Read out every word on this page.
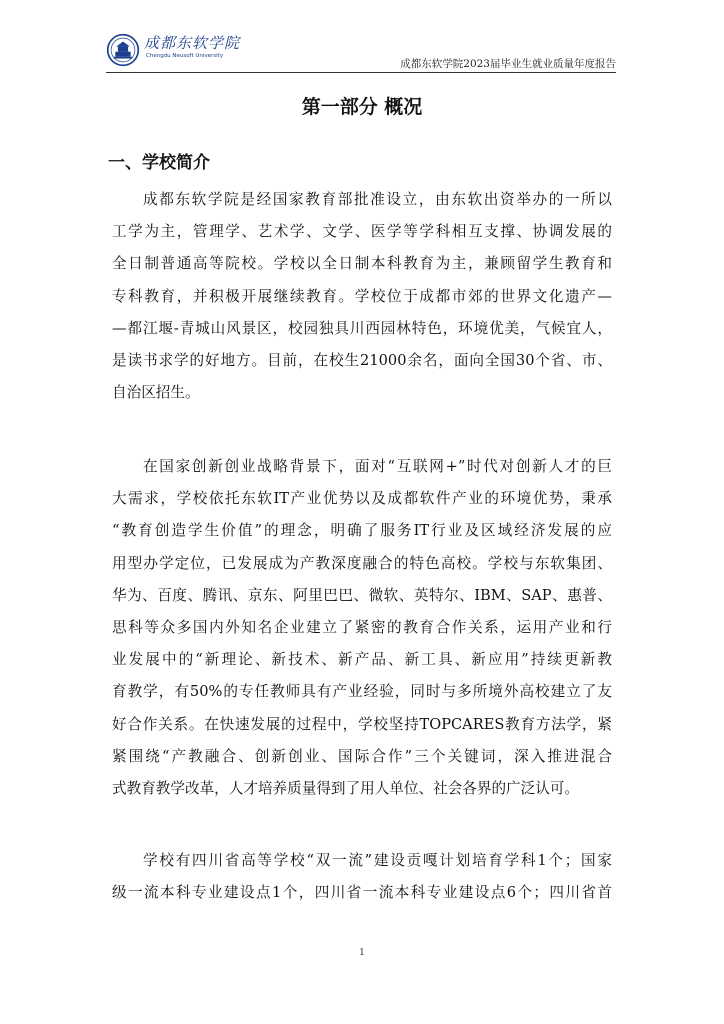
成都东软学院
Chengdu Neusoft University
成都东软学院2023届毕业生就业质量年度报告
第一部分 概况
一、学校简介
成都东软学院是经国家教育部批准设立，由东软出资举办的一所以
工学为主，管理学、艺术学、文学、医学等学科相互支撑、协调发展的
全日制普通高等院校。学校以全日制本科教育为主，兼顾留学生教育和
专科教育，并积极开展继续教育。学校位于成都市郊的世界文化遗产—
—都江堰-青城山风景区，校园独具川西园林特色，环境优美，气候宜人，
是读书求学的好地方。目前，在校生21000余名，面向全国30个省、市、
自治区招生。
在国家创新创业战略背景下，面对“互联网+”时代对创新人才的巨
大需求，学校依托东软IT产业优势以及成都软件产业的环境优势，秉承
“教育创造学生价值”的理念，明确了服务IT行业及区域经济发展的应
用型办学定位，已发展成为产教深度融合的特色高校。学校与东软集团、
华为、百度、腾讯、京东、阿里巴巴、微软、英特尔、IBM、SAP、惠普、
思科等众多国内外知名企业建立了紧密的教育合作关系，运用产业和行
业发展中的“新理论、新技术、新产品、新工具、新应用”持续更新教
育教学，有50%的专任教师具有产业经验，同时与多所境外高校建立了友
好合作关系。在快速发展的过程中，学校坚持TOPCARES教育方法学，紧
紧围绕“产教融合、创新创业、国际合作”三个关键词，深入推进混合
式教育教学改革，人才培养质量得到了用人单位、社会各界的广泛认可。
学校有四川省高等学校“双一流”建设贡嘎计划培育学科1个；国家
级一流本科专业建设点1个，四川省一流本科专业建设点6个；四川省首
1
